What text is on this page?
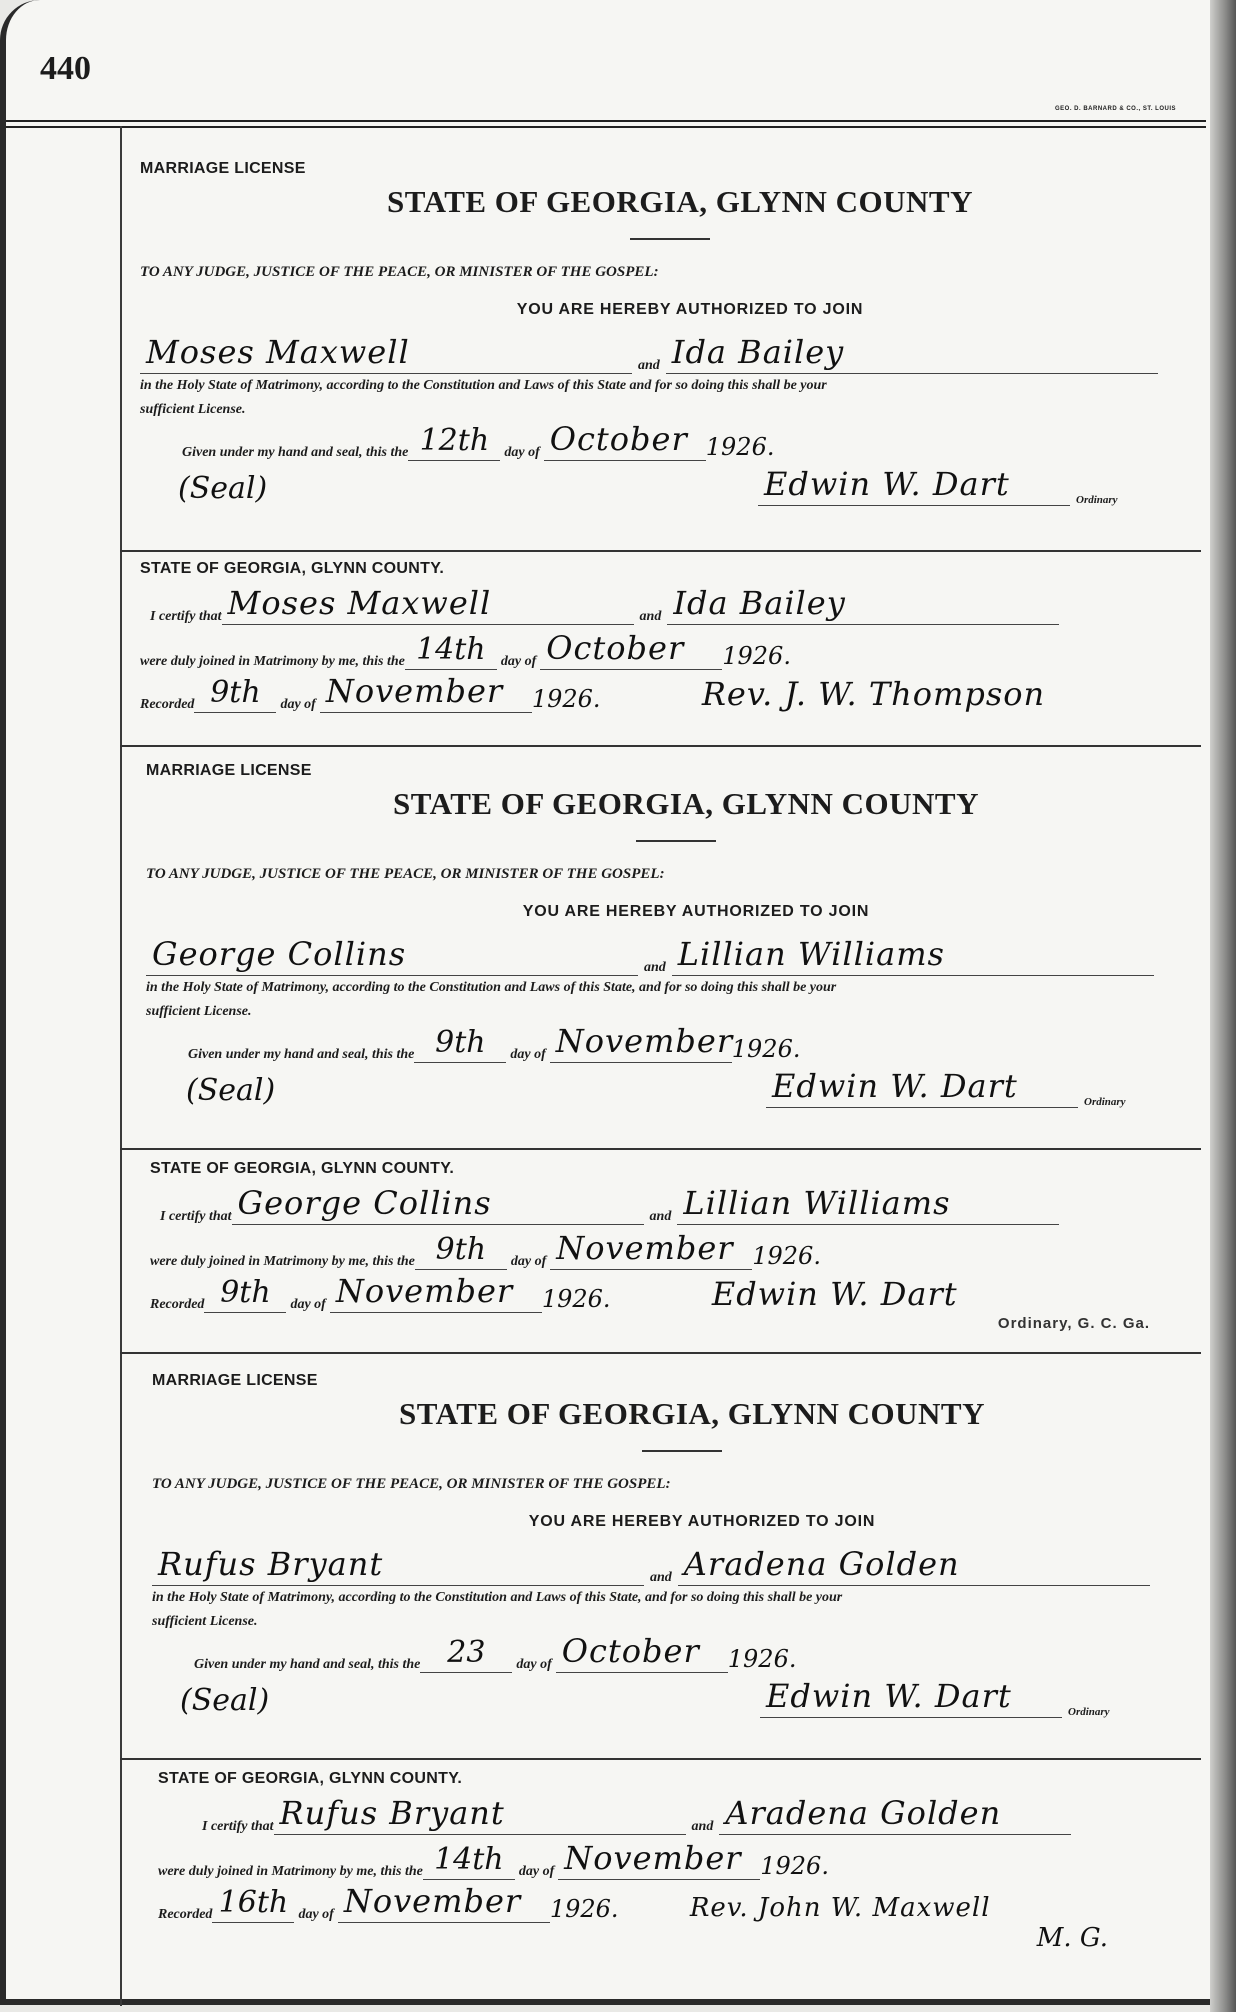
440
GEO. D. BARNARD & CO., ST. LOUIS
MARRIAGE LICENSE
STATE OF GEORGIA, GLYNN COUNTY
TO ANY JUDGE, JUSTICE OF THE PEACE, OR MINISTER OF THE GOSPEL:
YOU ARE HEREBY AUTHORIZED TO JOIN
Moses Maxwell	and Ida Bailey
in the Holy State of Matrimony, according to the Constitution and Laws of this State and for so doing this shall be your
sufficient License.
Given under my hand and seal, this the 12th	day of October 1926.
(Seal)	Edwin W. Dart	Ordinary
STATE OF GEORGIA, GLYNN COUNTY.
I certify that Moses Maxwell	and Ida Bailey
were duly joined in Matrimony by me, this the 14th	day of October	1926.
Recorded 9th	day of November	1926.	Rev. J. W. Thompson
MARRIAGE LICENSE
STATE OF GEORGIA, GLYNN COUNTY
TO ANY JUDGE, JUSTICE OF THE PEACE, OR MINISTER OF THE GOSPEL:
YOU ARE HEREBY AUTHORIZED TO JOIN
George Collins	and Lillian Williams
in the Holy State of Matrimony, according to the Constitution and Laws of this State, and for so doing this shall be your
sufficient License.
Given under my hand and seal, this the 9th	day of November
1926.
(Seal)	Edwin W. Dart	Ordinary
STATE OF GEORGIA, GLYNN COUNTY.
I certify that George Collins	and Lillian Williams
were duly joined in Matrimony by me, this the 9th	day of November 1926.
Recorded 9th	day of November	1926.	Edwin W. Dart
Ordinary, G. C. Ga.
MARRIAGE LICENSE
STATE OF GEORGIA, GLYNN COUNTY
TO ANY JUDGE, JUSTICE OF THE PEACE, OR MINISTER OF THE GOSPEL:
YOU ARE HEREBY AUTHORIZED TO JOIN
Rufus Bryant	and Aradena Golden
in the Holy State of Matrimony, according to the Constitution and Laws of this State, and for so doing this shall be your
sufficient License.
Given under my hand and seal, this the 23	day of October	1926.
(Seal)	Edwin W. Dart	Ordinary
STATE OF GEORGIA, GLYNN COUNTY.
I certify that Rufus Bryant	and Aradena Golden
were duly joined in Matrimony by me, this the 14th	day of November 1926.
Recorded 16th day of November	1926.	Rev. John W. Maxwell
M. G.
